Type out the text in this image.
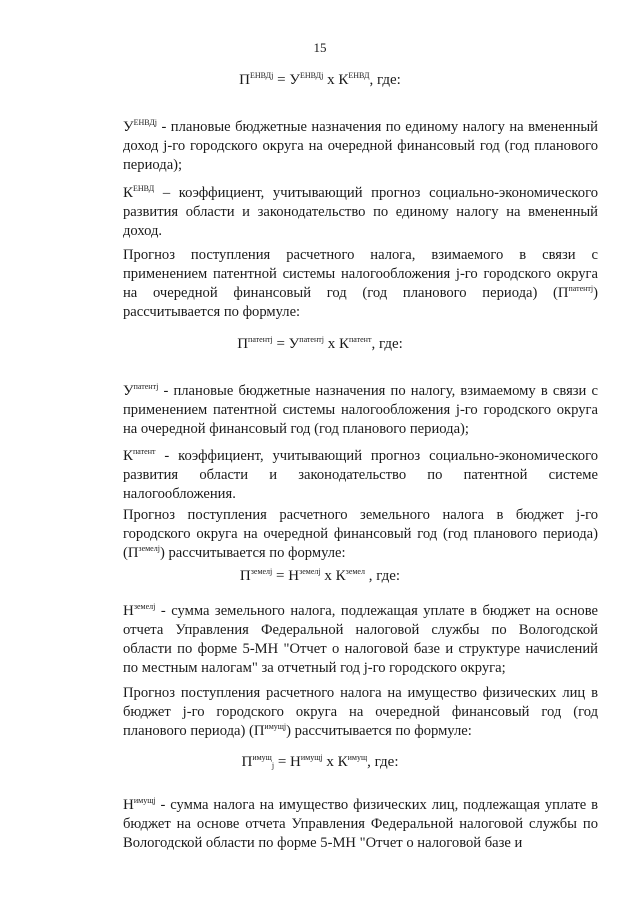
15
$П^{ЕНВДj} = У^{ЕНВДj}$ х $К^{ЕНВД}$, где:
$У^{ЕНВДj}$ - плановые бюджетные назначения по единому налогу на вмененный доход j-го городского округа на очередной финансовый год (год планового периода);
$К^{ЕНВД}$ – коэффициент, учитывающий прогноз социально-экономического развития области и законодательство по единому налогу на вмененный доход.
Прогноз поступления расчетного налога, взимаемого в связи с применением патентной системы налогообложения j-го городского округа на очередной финансовый год (год планового периода) $(П^{патентj})$ рассчитывается по формуле:
$П^{патентj} = У^{патентj}$ х $К^{патент}$, где:
$У^{патентj}$ - плановые бюджетные назначения по налогу, взимаемому в связи с применением патентной системы налогообложения j-го городского округа на очередной финансовый год (год планового периода);
$К^{патент}$ - коэффициент, учитывающий прогноз социально-экономического развития области и законодательство по патентной системе налогообложения.
Прогноз поступления расчетного земельного налога в бюджет j-го городского округа на очередной финансовый год (год планового периода) $(П^{земелj})$ рассчитывается по формуле:
$П^{земелj} = Н^{земелj}$ х $К^{земел}$ , где:
$Н^{земелj}$ - сумма земельного налога, подлежащая уплате в бюджет на основе отчета Управления Федеральной налоговой службы по Вологодской области по форме 5-МН "Отчет о налоговой базе и структуре начислений по местным налогам" за отчетный год j-го городского округа;
Прогноз поступления расчетного налога на имущество физических лиц в бюджет j-го городского округа на очередной финансовый год (год планового периода) $(П^{имущj})$ рассчитывается по формуле:
$П^{имущ}_j = Н^{имущj}$ х $К^{имущ}$, где:
$Н^{имущj}$ - сумма налога на имущество физических лиц, подлежащая уплате в бюджет на основе отчета Управления Федеральной налоговой службы по Вологодской области по форме 5-МН "Отчет о налоговой базе и
